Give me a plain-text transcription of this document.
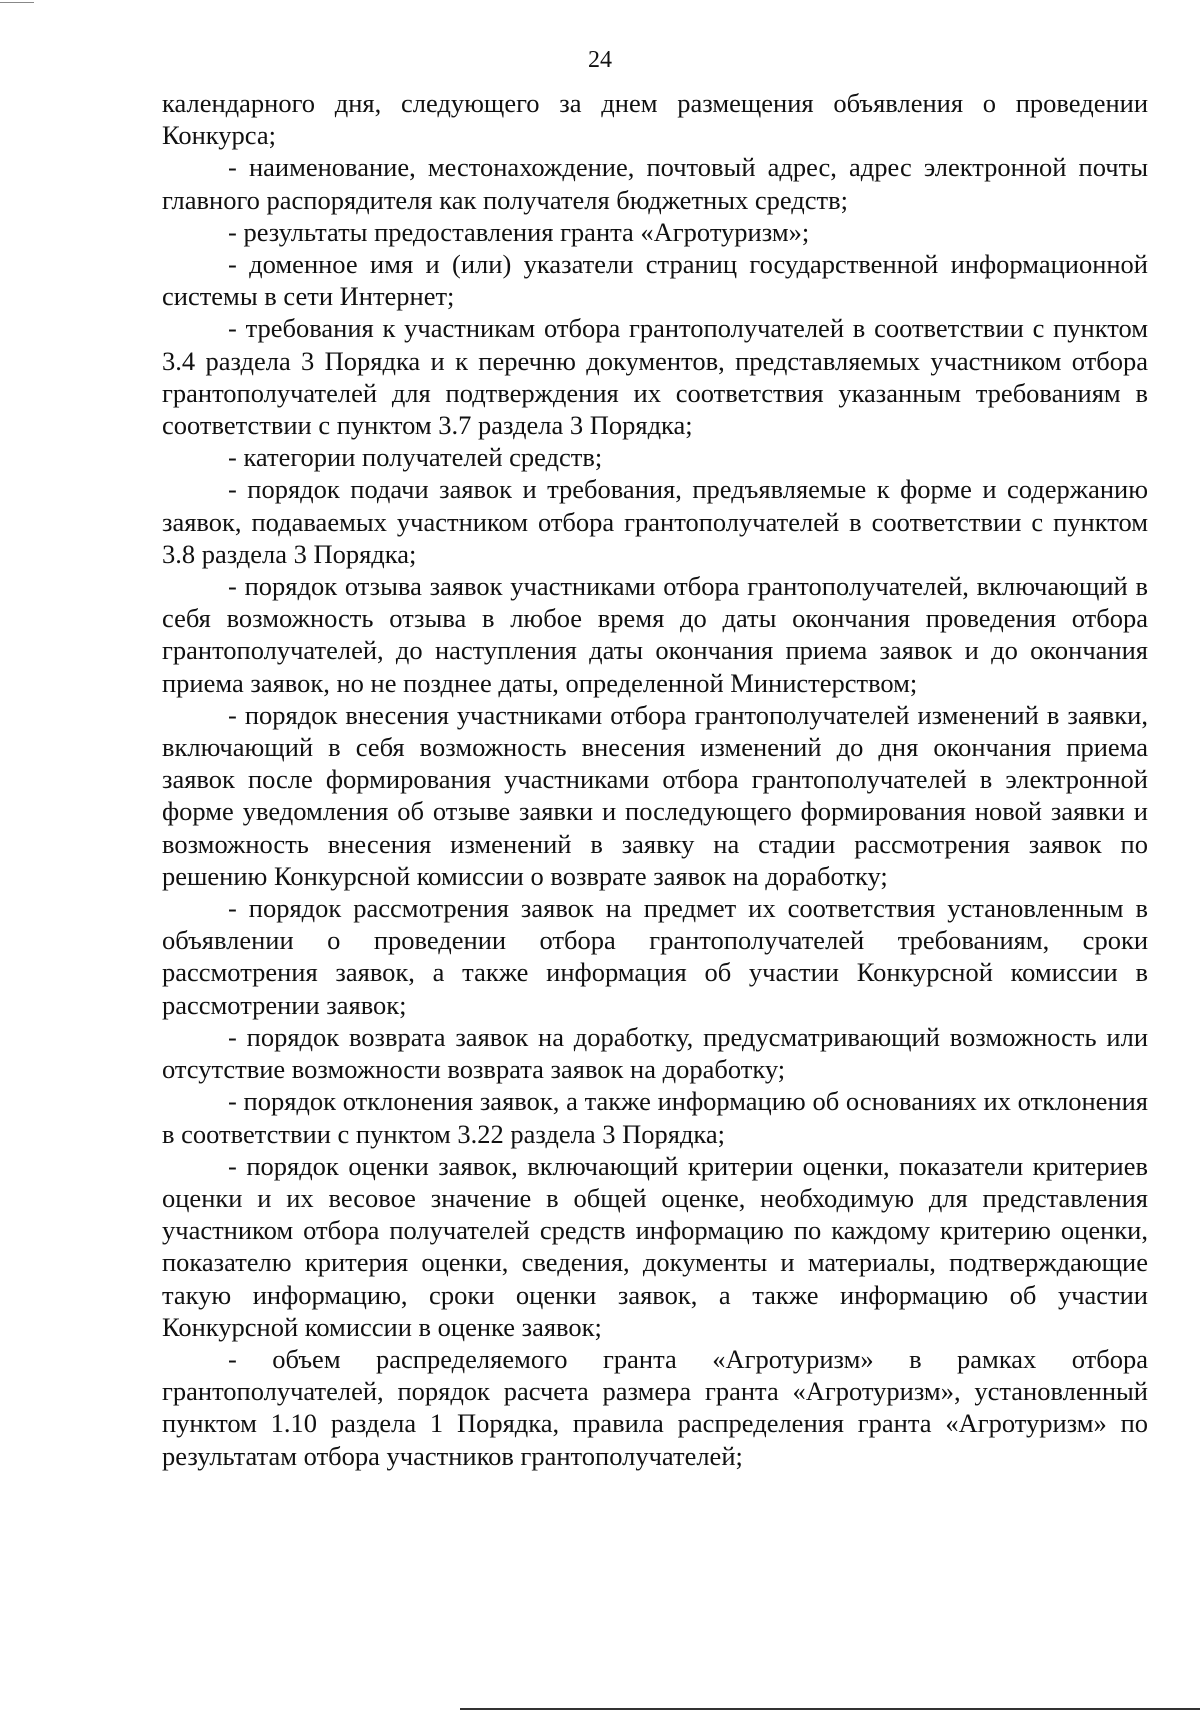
24

календарного дня, следующего за днем размещения объявления о проведении Конкурса;

- наименование, местонахождение, почтовый адрес, адрес электронной почты главного распорядителя как получателя бюджетных средств;

- результаты предоставления гранта «Агротуризм»;

- доменное имя и (или) указатели страниц государственной информационной системы в сети Интернет;

- требования к участникам отбора грантополучателей в соответствии с пунктом 3.4 раздела 3 Порядка и к перечню документов, представляемых участником отбора грантополучателей для подтверждения их соответствия указанным требованиям в соответствии с пунктом 3.7 раздела 3 Порядка;

- категории получателей средств;

- порядок подачи заявок и требования, предъявляемые к форме и содержанию заявок, подаваемых участником отбора грантополучателей в соответствии с пунктом 3.8 раздела 3 Порядка;

- порядок отзыва заявок участниками отбора грантополучателей, включающий в себя возможность отзыва в любое время до даты окончания проведения отбора грантополучателей, до наступления даты окончания приема заявок и до окончания приема заявок, но не позднее даты, определенной Министерством;

- порядок внесения участниками отбора грантополучателей изменений в заявки, включающий в себя возможность внесения изменений до дня окончания приема заявок после формирования участниками отбора грантополучателей в электронной форме уведомления об отзыве заявки и последующего формирования новой заявки и возможность внесения изменений в заявку на стадии рассмотрения заявок по решению Конкурсной комиссии о возврате заявок на доработку;

- порядок рассмотрения заявок на предмет их соответствия установленным в объявлении о проведении отбора грантополучателей требованиям, сроки рассмотрения заявок, а также информация об участии Конкурсной комиссии в рассмотрении заявок;

- порядок возврата заявок на доработку, предусматривающий возможность или отсутствие возможности возврата заявок на доработку;

- порядок отклонения заявок, а также информацию об основаниях их отклонения в соответствии с пунктом 3.22 раздела 3 Порядка;

- порядок оценки заявок, включающий критерии оценки, показатели критериев оценки и их весовое значение в общей оценке, необходимую для представления участником отбора получателей средств информацию по каждому критерию оценки, показателю критерия оценки, сведения, документы и материалы, подтверждающие такую информацию, сроки оценки заявок, а также информацию об участии Конкурсной комиссии в оценке заявок;

- объем распределяемого гранта «Агротуризм» в рамках отбора грантополучателей, порядок расчета размера гранта «Агротуризм», установленный пунктом 1.10 раздела 1 Порядка, правила распределения гранта «Агротуризм» по результатам отбора участников грантополучателей;
